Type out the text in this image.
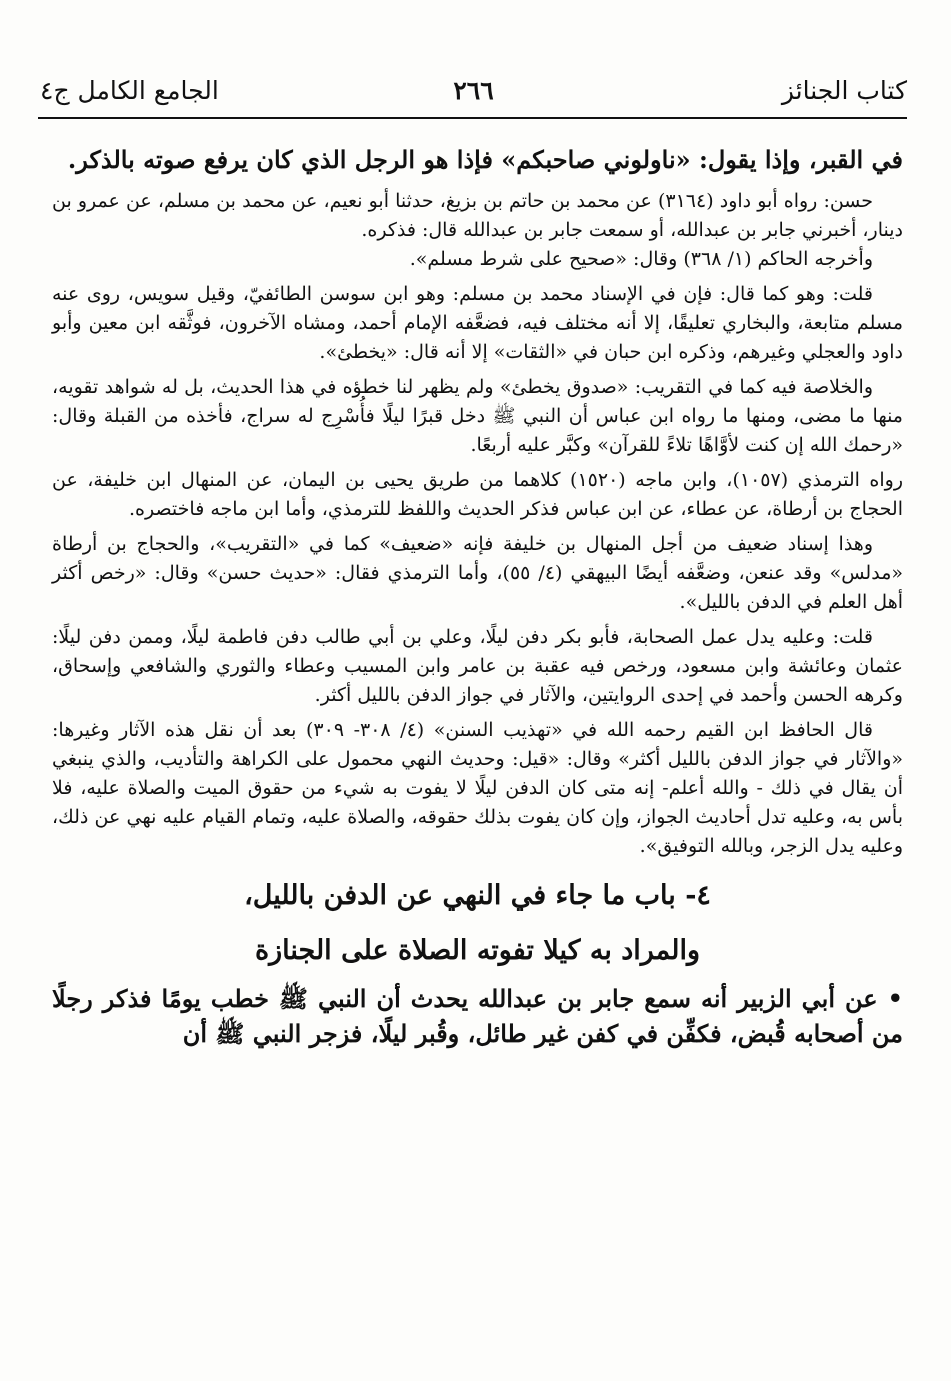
كتاب الجنائز
٢٦٦
الجامع الكامل ج٤

في القبر، وإذا يقول: «ناولوني صاحبكم» فإذا هو الرجل الذي كان يرفع صوته بالذكر.

حسن: رواه أبو داود (٣١٦٤) عن محمد بن حاتم بن بزيغ، حدثنا أبو نعيم، عن محمد بن مسلم، عن عمرو بن دينار، أخبرني جابر بن عبدالله، أو سمعت جابر بن عبدالله قال: فذكره.

وأخرجه الحاكم (١/ ٣٦٨) وقال: «صحيح على شرط مسلم».

قلت: وهو كما قال: فإن في الإسناد محمد بن مسلم: وهو ابن سوسن الطائفيّ، وقيل سويس، روى عنه مسلم متابعة، والبخاري تعليقًا، إلا أنه مختلف فيه، فضعَّفه الإمام أحمد، ومشاه الآخرون، فوثَّقه ابن معين وأبو داود والعجلي وغيرهم، وذكره ابن حبان في «الثقات» إلا أنه قال: «يخطئ».

والخلاصة فيه كما في التقريب: «صدوق يخطئ» ولم يظهر لنا خطؤه في هذا الحديث، بل له شواهد تقويه، منها ما مضى، ومنها ما رواه ابن عباس أن النبي ﷺ دخل قبرًا ليلًا فأُسْرِج له سراج، فأخذه من القبلة وقال: «رحمك الله إن كنت لأوَّاهًا تلاءً للقرآن» وكبَّر عليه أربعًا.

رواه الترمذي (١٠٥٧)، وابن ماجه (١٥٢٠) كلاهما من طريق يحيى بن اليمان، عن المنهال ابن خليفة، عن الحجاج بن أرطاة، عن عطاء، عن ابن عباس فذكر الحديث واللفظ للترمذي، وأما ابن ماجه فاختصره.

وهذا إسناد ضعيف من أجل المنهال بن خليفة فإنه «ضعيف» كما في «التقريب»، والحجاج بن أرطاة «مدلس» وقد عنعن، وضعَّفه أيضًا البيهقي (٤/ ٥٥)، وأما الترمذي فقال: «حديث حسن» وقال: «رخص أكثر أهل العلم في الدفن بالليل».

قلت: وعليه يدل عمل الصحابة، فأبو بكر دفن ليلًا، وعلي بن أبي طالب دفن فاطمة ليلًا، وممن دفن ليلًا: عثمان وعائشة وابن مسعود، ورخص فيه عقبة بن عامر وابن المسيب وعطاء والثوري والشافعي وإسحاق، وكرهه الحسن وأحمد في إحدى الروايتين، والآثار في جواز الدفن بالليل أكثر.

قال الحافظ ابن القيم رحمه الله في «تهذيب السنن» (٤/ ٣٠٨- ٣٠٩) بعد أن نقل هذه الآثار وغيرها: «والآثار في جواز الدفن بالليل أكثر» وقال: «قيل: وحديث النهي محمول على الكراهة والتأديب، والذي ينبغي أن يقال في ذلك - والله أعلم- إنه متى كان الدفن ليلًا لا يفوت به شيء من حقوق الميت والصلاة عليه، فلا بأس به، وعليه تدل أحاديث الجواز، وإن كان يفوت بذلك حقوقه، والصلاة عليه، وتمام القيام عليه نهي عن ذلك، وعليه يدل الزجر، وبالله التوفيق».

٤- باب ما جاء في النهي عن الدفن بالليل،

والمراد به كيلا تفوته الصلاة على الجنازة

• عن أبي الزبير أنه سمع جابر بن عبدالله يحدث أن النبي ﷺ خطب يومًا فذكر رجلًا من أصحابه قُبض، فكفِّن في كفن غير طائل، وقُبر ليلًا، فزجر النبي ﷺ أن
